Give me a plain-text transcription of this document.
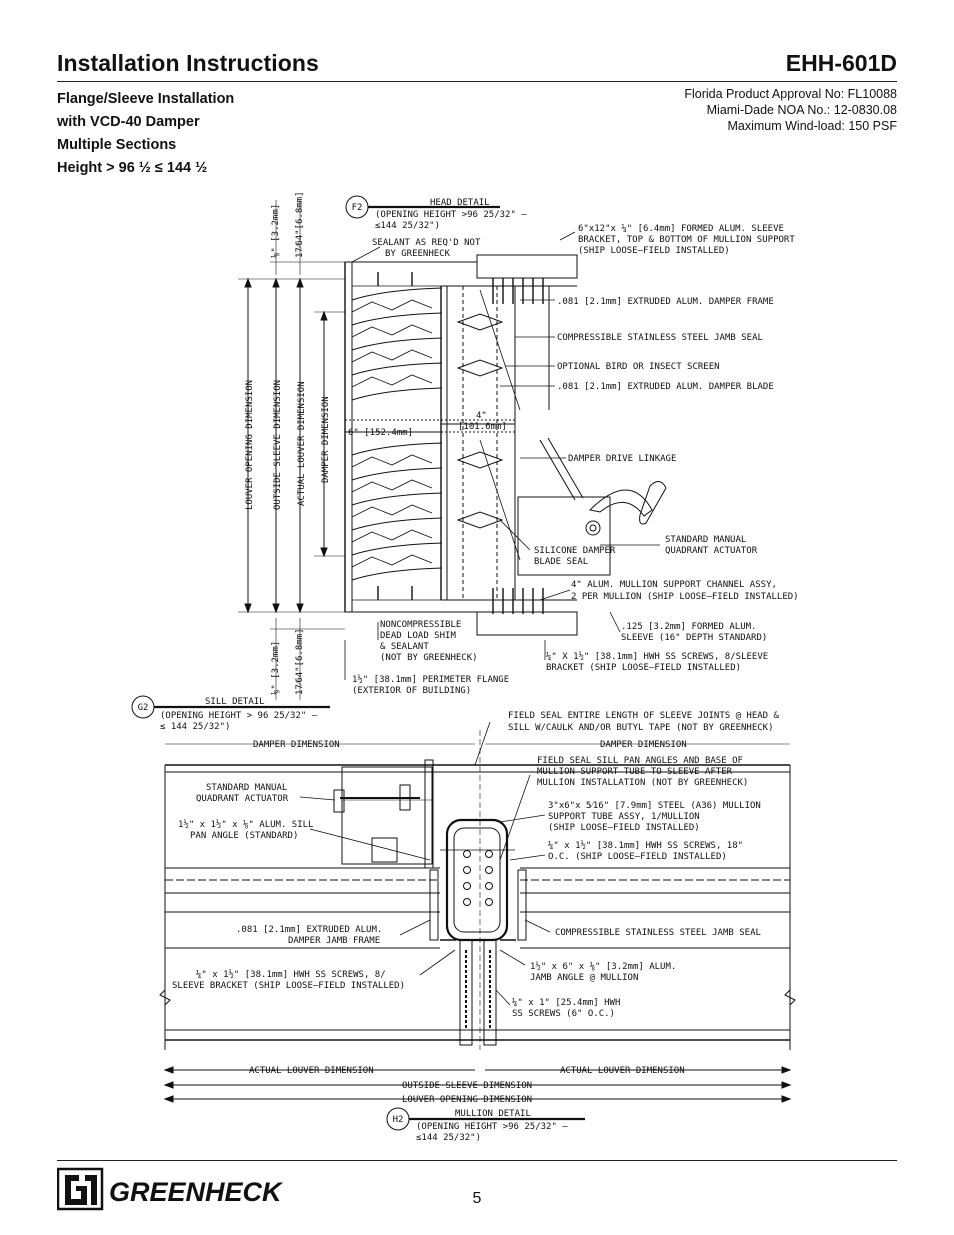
Installation Instructions	EHH-601D
Flange/Sleeve Installation
with VCD-40 Damper
Multiple Sections
Height > 96 ½ ≤ 144 ½
Florida Product Approval No: FL10088
Miami-Dade NOA No.: 12-0830.08
Maximum Wind-load: 150 PSF
F2	HEAD DETAIL
(OPENING HEIGHT >96 25/32" –
≤144 25/32")
SEALANT AS REQ'D NOT
BY GREENHECK
6"x12"x ¼" [6.4mm] FORMED ALUM. SLEEVE
BRACKET, TOP & BOTTOM OF MULLION SUPPORT
(SHIP LOOSE–FIELD INSTALLED)
.081 [2.1mm] EXTRUDED ALUM. DAMPER FRAME
COMPRESSIBLE STAINLESS STEEL JAMB SEAL
OPTIONAL BIRD OR INSECT SCREEN
.081 [2.1mm] EXTRUDED ALUM. DAMPER BLADE
DAMPER DRIVE LINKAGE
STANDARD MANUAL
QUADRANT ACTUATOR
SILICONE DAMPER
BLADE SEAL
4" ALUM. MULLION SUPPORT CHANNEL ASSY,
2 PER MULLION (SHIP LOOSE–FIELD INSTALLED)
NONCOMPRESSIBLE
DEAD LOAD SHIM
& SEALANT
(NOT BY GREENHECK)
.125 [3.2mm] FORMED ALUM.
SLEEVE (16" DEPTH STANDARD)
¼" X 1½" [38.1mm] HWH SS SCREWS, 8/SLEEVE
BRACKET (SHIP LOOSE–FIELD INSTALLED)
1½" [38.1mm] PERIMETER FLANGE
(EXTERIOR OF BUILDING)
6" [152.4mm]
4"
[101.6mm]
LOUVER OPENING DIMENSION OUTSIDE SLEEVE DIMENSION ACTUAL LOUVER DIMENSION DAMPER DIMENSION
⅛" [3.2mm] 17⁄64"[6.8mm]
⅛" [3.2mm] 17⁄64"[6.8mm]
G2
SILL DETAIL
(OPENING HEIGHT > 96 25/32" –
≤ 144 25/32")
DAMPER DIMENSION	DAMPER DIMENSION
FIELD SEAL ENTIRE LENGTH OF SLEEVE JOINTS @ HEAD &
SILL W/CAULK AND/OR BUTYL TAPE (NOT BY GREENHECK)
FIELD SEAL SILL PAN ANGLES AND BASE OF
MULLION SUPPORT TUBE TO SLEEVE AFTER
MULLION INSTALLATION (NOT BY GREENHECK)
STANDARD MANUAL
QUADRANT ACTUATOR
3"x6"x 5⁄16" [7.9mm] STEEL (A36) MULLION
SUPPORT TUBE ASSY, 1/MULLION
(SHIP LOOSE–FIELD INSTALLED)
1½" x 1½" x ⅛" ALUM. SILL
PAN ANGLE (STANDARD)
¼" x 1½" [38.1mm] HWH SS SCREWS, 18"
O.C. (SHIP LOOSE–FIELD INSTALLED)
.081 [2.1mm] EXTRUDED ALUM.
DAMPER JAMB FRAME
COMPRESSIBLE STAINLESS STEEL JAMB SEAL
¼" x 1½" [38.1mm] HWH SS SCREWS, 8/
SLEEVE BRACKET (SHIP LOOSE–FIELD INSTALLED)
1½" x 6" x ⅛" [3.2mm] ALUM.
JAMB ANGLE @ MULLION
¼" x 1" [25.4mm] HWH
SS SCREWS (6" O.C.)
ACTUAL LOUVER DIMENSION	ACTUAL LOUVER DIMENSION
OUTSIDE SLEEVE DIMENSION
LOUVER OPENING DIMENSION
H2
MULLION DETAIL
(OPENING HEIGHT >96 25/32" –
≤144 25/32")
GREENHECK	5
